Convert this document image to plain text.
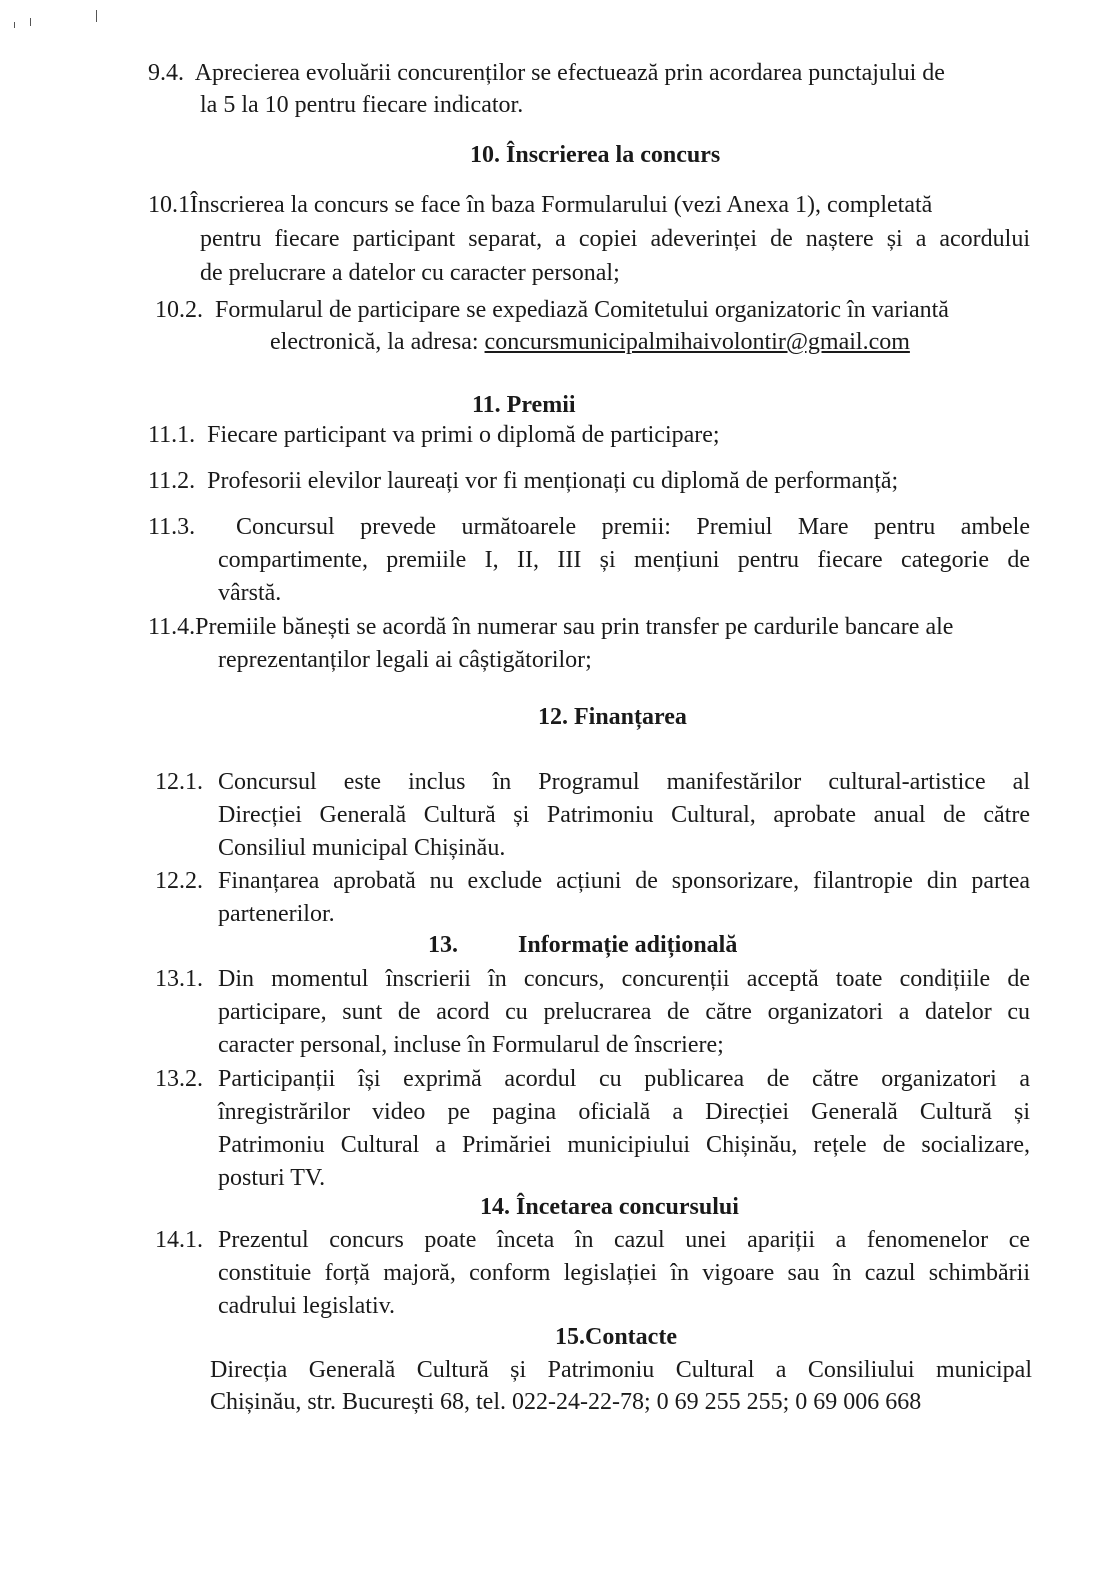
9.4. Aprecierea evoluării concurenților se efectuează prin acordarea punctajului de
la 5 la 10 pentru fiecare indicator.
10. Înscrierea la concurs
10.1Înscrierea la concurs se face în baza Formularului (vezi Anexa 1), completată
pentru fiecare participant separat, a copiei adeverinței de naștere și a acordului
de prelucrare a datelor cu caracter personal;
10.2. Formularul de participare se expediază Comitetului organizatoric în variantă
electronică, la adresa: concursmunicipalmihaivolontir@gmail.com
11. Premii
11.1. Fiecare participant va primi o diplomă de participare;
11.2. Profesorii elevilor laureați vor fi menționați cu diplomă de performanță;
11.3. Concursul prevede următoarele premii: Premiul Mare pentru ambele
compartimente, premiile I, II, III și mențiuni pentru fiecare categorie de
vârstă.
11.4.Premiile bănești se acordă în numerar sau prin transfer pe cardurile bancare ale
reprezentanților legali ai câștigătorilor;
12. Finanțarea
12.1. Concursul este inclus în Programul manifestărilor cultural-artistice al
Direcției Generală Cultură și Patrimoniu Cultural, aprobate anual de către
Consiliul municipal Chișinău.
12.2. Finanțarea aprobată nu exclude acțiuni de sponsorizare, filantropie din partea
partenerilor.
13.	Informație adițională
13.1. Din momentul înscrierii în concurs, concurenții acceptă toate condițiile de
participare, sunt de acord cu prelucrarea de către organizatori a datelor cu
caracter personal, incluse în Formularul de înscriere;
13.2. Participanții își exprimă acordul cu publicarea de către organizatori a
înregistrărilor video pe pagina oficială a Direcției Generală Cultură și
Patrimoniu Cultural a Primăriei municipiului Chișinău, rețele de socializare,
posturi TV.
14. Încetarea concursului
14.1. Prezentul concurs poate înceta în cazul unei apariții a fenomenelor ce
constituie forță majoră, conform legislației în vigoare sau în cazul schimbării
cadrului legislativ.
15.Contacte
Direcția Generală Cultură și Patrimoniu Cultural a Consiliului municipal
Chișinău, str. București 68, tel. 022-24-22-78; 0 69 255 255; 0 69 006 668
